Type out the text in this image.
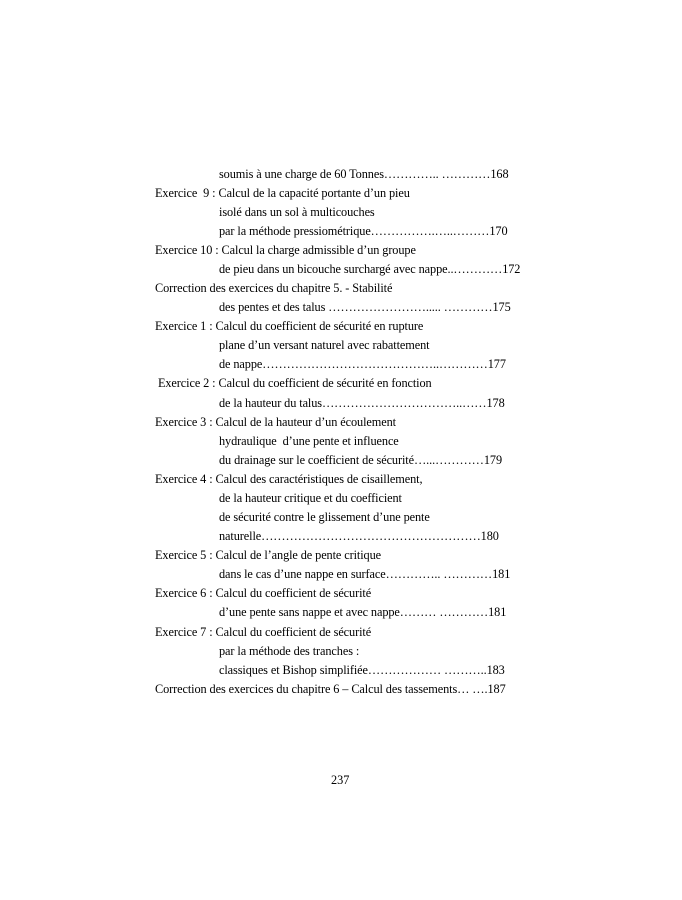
soumis à une charge de 60 Tonnes………….. …………168
Exercice  9 : Calcul de la capacité portante d’un pieu
isolé dans un sol à multicouches
par la méthode pressiométrique…………….…..………170
Exercice 10 : Calcul la charge admissible d’un groupe
de pieu dans un bicouche surchargé avec nappe..…………172
Correction des exercices du chapitre 5. - Stabilité
des pentes et des talus ……………………..... …………175
Exercice 1 : Calcul du coefficient de sécurité en rupture
plane d’un versant naturel avec rabattement
de nappe……………………………………..…………177
Exercice 2 : Calcul du coefficient de sécurité en fonction
de la hauteur du talus……………………………..……178
Exercice 3 : Calcul de la hauteur d’un écoulement
hydraulique  d’une pente et influence
du drainage sur le coefficient de sécurité…...…………179
Exercice 4 : Calcul des caractéristiques de cisaillement,
de la hauteur critique et du coefficient
de sécurité contre le glissement d’une pente
naturelle………………………………………………180
Exercice 5 : Calcul de l’angle de pente critique
dans le cas d’une nappe en surface………….. …………181
Exercice 6 : Calcul du coefficient de sécurité
d’une pente sans nappe et avec nappe……… …………181
Exercice 7 : Calcul du coefficient de sécurité
par la méthode des tranches :
classiques et Bishop simplifiée……………… ………..183
Correction des exercices du chapitre 6 – Calcul des tassements… ….187
237
